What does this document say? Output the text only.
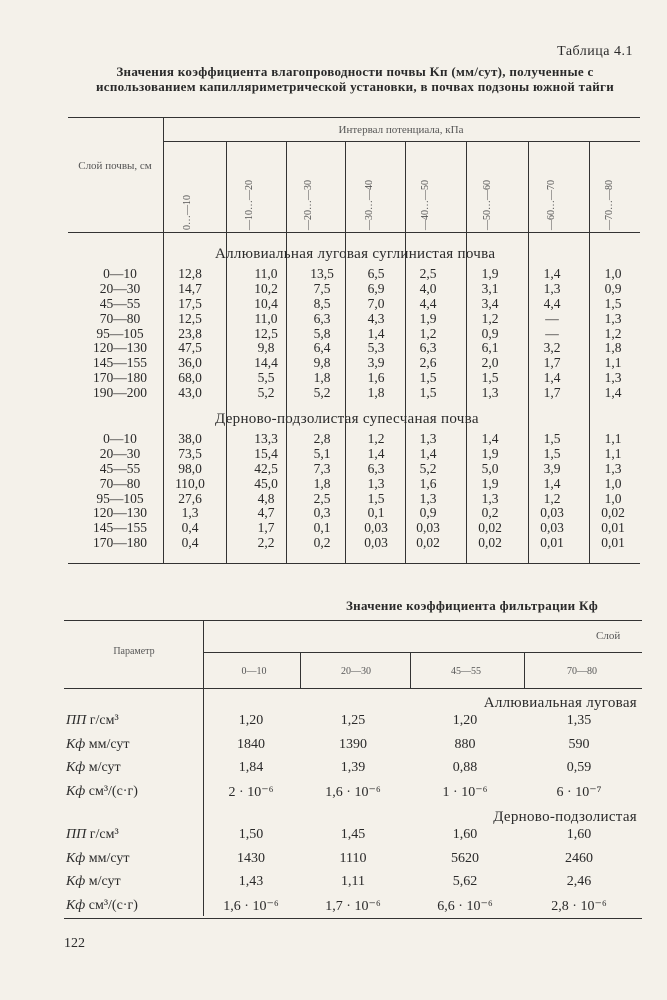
Таблица 4.1
Значения коэффициента влагопроводности почвы Kп (мм/сут), полученные с использованием капилляриметрической установки, в почвах подзоны южной тайги
Интервал потенциала, кПа
Слой почвы, см
0…—10	—10…—20	—20…—30	—30…—40	—40…—50	—50…—60	—60…—70	—70…—80
Аллювиальная луговая суглинистая почва
0—10	12,8	11,0	13,5	6,5	2,5	1,9	1,4	1,0
20—30	14,7	10,2	7,5	6,9	4,0	3,1	1,3	0,9
45—55	17,5	10,4	8,5	7,0	4,4	3,4	4,4	1,5
70—80	12,5	11,0	6,3	4,3	1,9	1,2	—	1,3
95—105	23,8	12,5	5,8	1,4	1,2	0,9	—	1,2
120—130	47,5	9,8	6,4	5,3	6,3	6,1	3,2	1,8
145—155	36,0	14,4	9,8	3,9	2,6	2,0	1,7	1,1
170—180	68,0	5,5	1,8	1,6	1,5	1,5	1,4	1,3
190—200	43,0	5,2	5,2	1,8	1,5	1,3	1,7	1,4
Дерново-подзолистая супесчаная почва
0—10	38,0	13,3	2,8	1,2	1,3	1,4	1,5	1,1
20—30	73,5	15,4	5,1	1,4	1,4	1,9	1,5	1,1
45—55	98,0	42,5	7,3	6,3	5,2	5,0	3,9	1,3
70—80	110,0	45,0	1,8	1,3	1,6	1,9	1,4	1,0
95—105	27,6	4,8	2,5	1,5	1,3	1,3	1,2	1,0
120—130	1,3	4,7	0,3	0,1	0,9	0,2	0,03	0,02
145—155	0,4	1,7	0,1	0,03	0,03	0,02	0,03	0,01
170—180	0,4	2,2	0,2	0,03	0,02	0,02	0,01	0,01
Значение коэффициента фильтрации Кф
Параметр
Слой
0—10	20—30	45—55	70—80
Аллювиальная луговая
ПП г/см³	1,20	1,25	1,20	1,35
Кф мм/сут	1840	1390	880	590
Кф м/сут	1,84	1,39	0,88	0,59
Кф см³/(с·г)	2 · 10⁻⁶	1,6 · 10⁻⁶	1 · 10⁻⁶	6 · 10⁻⁷
Дерново-подзолистая
ПП г/см³	1,50	1,45	1,60	1,60
Кф мм/сут	1430	1110	5620	2460
Кф м/сут	1,43	1,11	5,62	2,46
Кф см³/(с·г)	1,6 · 10⁻⁶	1,7 · 10⁻⁶	6,6 · 10⁻⁶	2,8 · 10⁻⁶
122
